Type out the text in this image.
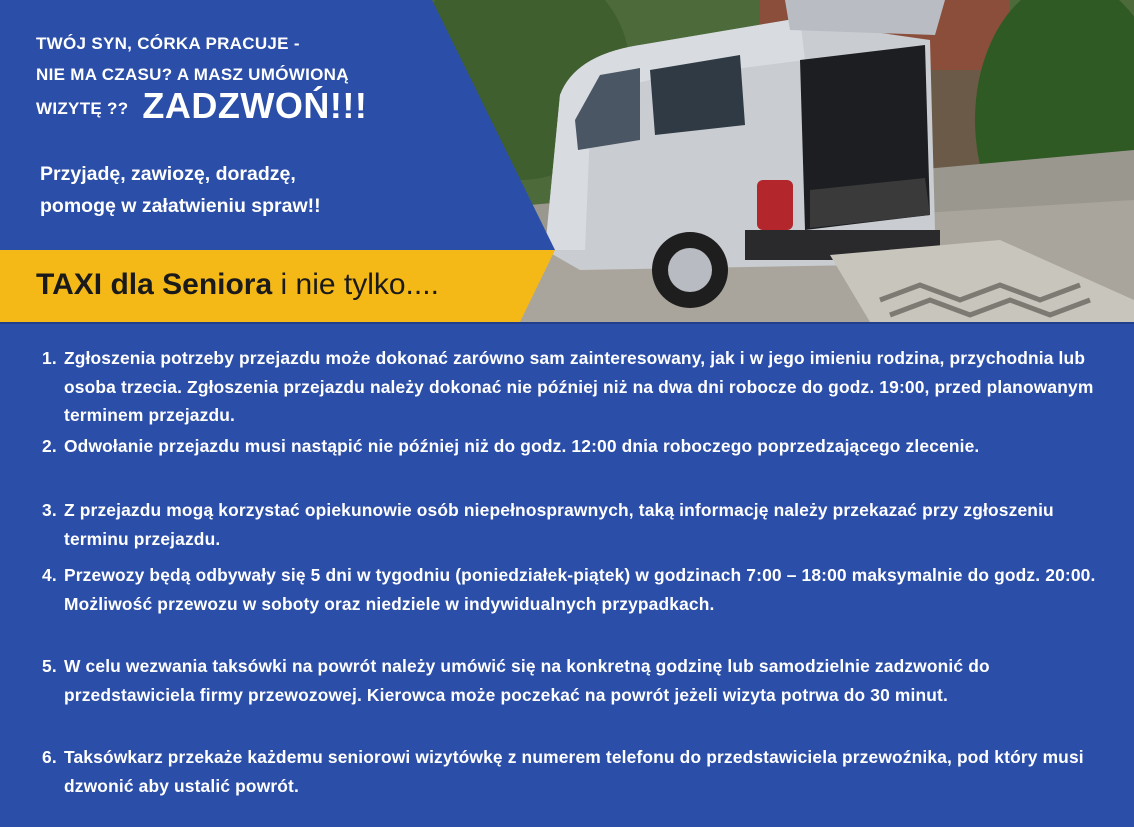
TWÓJ SYN, CÓRKA PRACUJE -
NIE MA CZASU? A MASZ UMÓWIONĄ
WIZYTĘ ?? ZADZWOŃ!!!
Przyjadę, zawiozę, doradzę,
pomogę w załatwieniu spraw!!
TAXI dla Seniora i nie tylko....
1. Zgłoszenia potrzeby przejazdu może dokonać zarówno sam zainteresowany, jak i w jego imieniu rodzina, przychodnia lub osoba trzecia. Zgłoszenia przejazdu należy dokonać nie później niż na dwa dni robocze do godz. 19:00, przed planowanym terminem przejazdu.
2. Odwołanie przejazdu musi nastąpić nie później niż do godz. 12:00 dnia roboczego poprzedzającego zlecenie.
3. Z przejazdu mogą korzystać opiekunowie osób niepełnosprawnych, taką informację należy przekazać przy zgłoszeniu terminu przejazdu.
4. Przewozy będą odbywały się 5 dni w tygodniu (poniedziałek-piątek) w godzinach 7:00 – 18:00 maksymalnie do godz. 20:00. Możliwość przewozu w soboty oraz niedziele w indywidualnych przypadkach.
5. W celu wezwania taksówki na powrót należy umówić się na konkretną godzinę lub samodzielnie zadzwonić do przedstawiciela firmy przewozowej. Kierowca może poczekać na powrót jeżeli wizyta potrwa do 30 minut.
6. Taksówkarz przekaże każdemu seniorowi wizytówkę z numerem telefonu do przedstawiciela przewoźnika, pod który musi dzwonić aby ustalić powrót.
